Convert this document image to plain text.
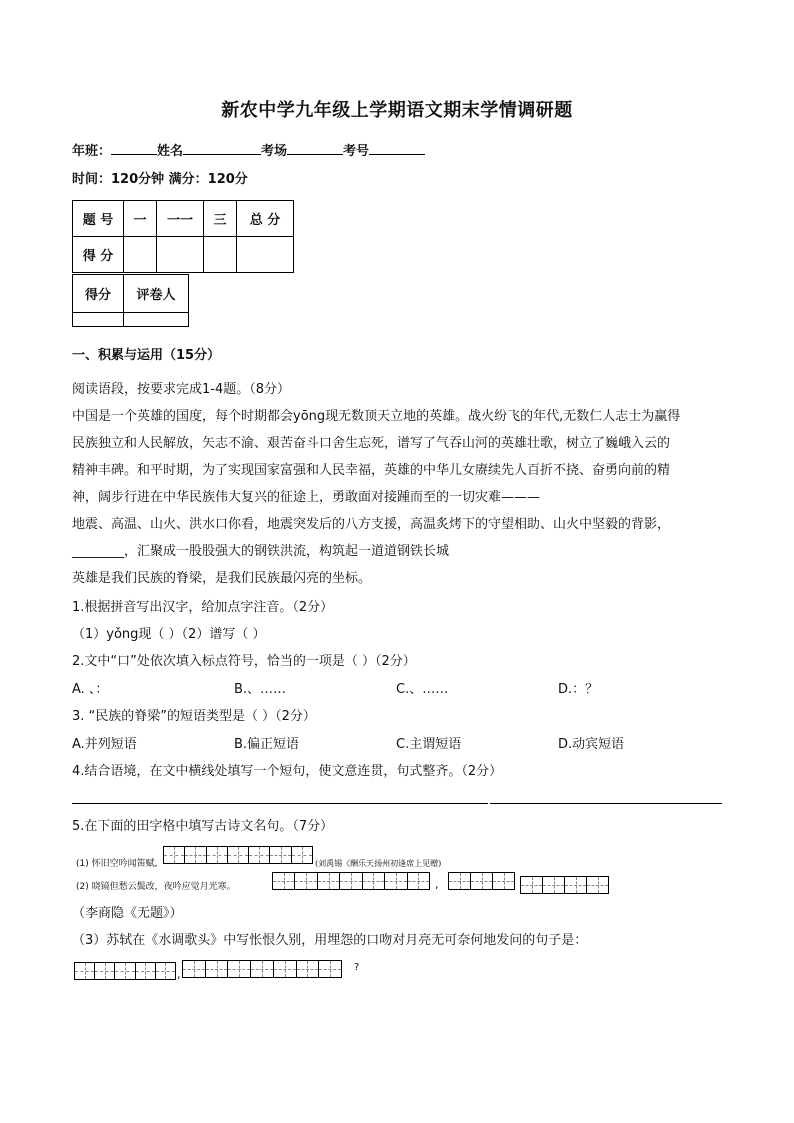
新农中学九年级上学期语文期末学情调研题
年班：	姓名	考场	考号
时间：120分钟 满分：120分
题 号	一	一一	三	总 分
得 分				
得分	评卷人

一、积累与运用（15分）
阅读语段，按要求完成1-4题。（8分）
中国是一个英雄的国度，每个时期都会yōng现无数顶天立地的英雄。战火纷飞的年代,无数仁人志士为赢得
民族独立和人民解放，矢志不渝、艰苦奋斗口舍生忘死，谱写了气吞山河的英雄壮歌，树立了巍峨入云的
精神丰碑。和平时期，为了实现国家富强和人民幸福，英雄的中华儿女赓续先人百折不挠、奋勇向前的精
神，阔步行进在中华民族伟大复兴的征途上，勇敢面对接踵而至的一切灾难———
地震、高温、山火、洪水口你看，地震突发后的八方支援，高温炙烤下的守望相助、山火中坚毅的背影，
________，汇聚成一股股强大的钢铁洪流，构筑起一道道钢铁长城
英雄是我们民族的脊梁，是我们民族最闪亮的坐标。
1.根据拼音写出汉字，给加点字注音。（2分）
（1）yǒng现（ ）（2）谱写（ ）
2.文中“口”处依次填入标点符号，恰当的一项是（ ）（2分）
A. 、：	B.、……	C.、……	D.：？
3. “民族的脊梁”的短语类型是（ ）（2分）
A.并列短语	B.偏正短语	C.主谓短语	D.动宾短语
4.结合语境，在文中横线处填写一个短句，使文意连贯，句式整齐。（2分）
5.在下面的田字格中填写古诗文名句。（7分）
(1) 怀旧空吟闻笛赋,	(刘禹锡《酬乐天扬州初逢席上见赠)
(2) 晓镜但愁云鬓改，夜吟应觉月光寒。	,
（李商隐《无题》）
（3）苏轼在《水调歌头》中写怅恨久别，用埋怨的口吻对月亮无可奈何地发问的句子是：
,
?
